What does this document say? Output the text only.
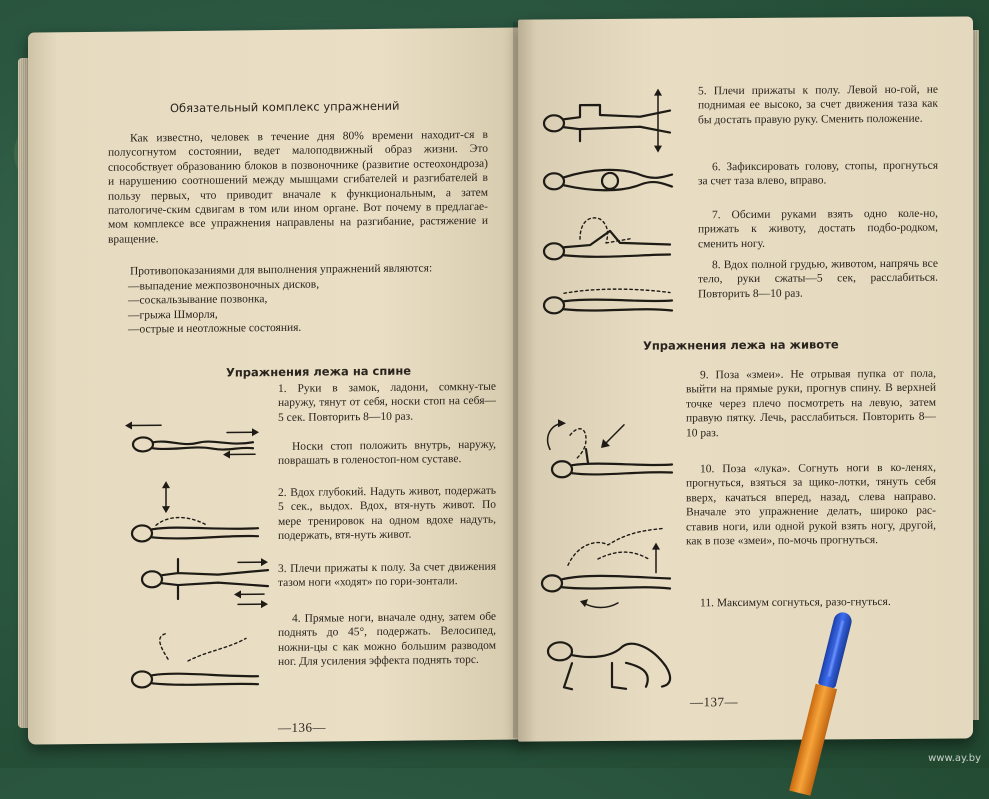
Обязательный комплекс упражнений

Как известно, человек в течение дня 80% времени находит-ся в полусогнутом состоянии, ведет малоподвижный образ жизни. Это способствует образованию блоков в позвоночнике (развитие остеохондроза) и нарушению соотношений между мышцами сгибателей и разгибателей в пользу первых, что приводит вначале к функциональным, а затем патологиче-ским сдвигам в том или ином органе. Вот почему в предлагае-мом комплексе все упражнения направлены на разгибание, растяжение и вращение.

Противопоказаниями для выполнения упражнений являются:

—выпадение межпозвоночных дисков,
—соскальзывание позвонка,
—грыжа Шморля,
—острые и неотложные состояния.

Упражнения лежа на спине

1. Руки в замок, ладони, сомкну-тые наружу, тянут от себя, носки стоп на себя—5 сек. Повторить 8—10 раз.

Носки стоп положить внутрь, наружу, поврашать в голеностоп-ном суставе.

2. Вдох глубокий. Надуть живот, подержать 5 сек., выдох. Вдох, втя-нуть живот. По мере тренировок на одном вдохе надуть, подержать, втя-нуть живот.

3. Плечи прижаты к полу. За счет движения тазом ноги «ходят» по гори-зонтали.

4. Прямые ноги, вначале одну, затем обе поднять до 45°, подержать. Велосипед, ножни-цы с как можно большим разводом ног. Для усиления эффекта поднять торс.

—136—

5. Плечи прижаты к полу. Левой но-гой, не поднимая ее высоко, за счет движения таза как бы достать правую руку. Сменить положение.

6. Зафиксировать голову, стопы, прогнуться за счет таза влево, вправо.

7. Обсими руками взять одно коле-но, прижать к животу, достать подбо-родком, сменить ногу.

8. Вдох полной грудью, животом, напрячь все тело, руки сжаты—5 сек, расслабиться. Повторить 8—10 раз.

Упражнения лежа на животе

9. Поза «змеи». Не отрывая пупка от пола, выйти на прямые руки, прогнув спину. В верхней точке через плечо посмотреть на левую, затем правую пятку. Лечь, расслабиться. Повторить 8—10 раз.

10. Поза «лука». Согнуть ноги в ко-ленях, прогнуться, взяться за щико-лотки, тянуть себя вверх, качаться вперед, назад, слева направо. Вначале это упражнение делать, широко рас-ставив ноги, или одной рукой взять ногу, другой, как в позе «змеи», по-мочь прогнуться.

11. Максимум согнуться, разо-гнуться.

—137—
www.ay.by
